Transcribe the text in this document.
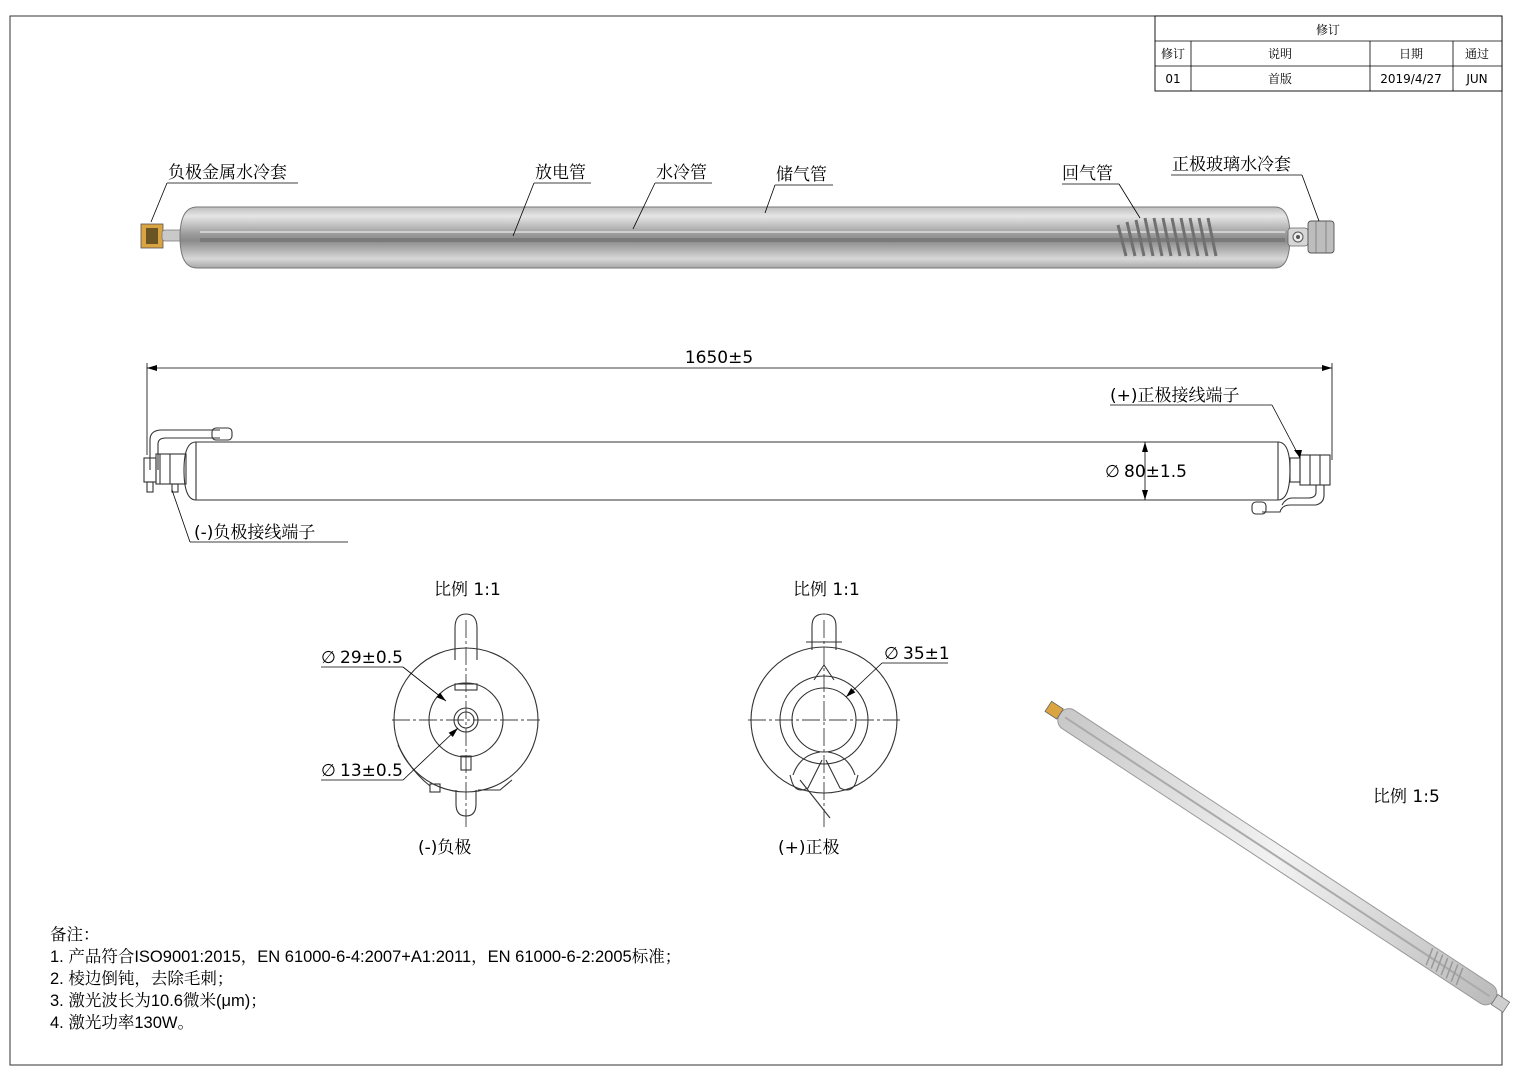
修订
修订	说明	日期	通过
01	首版	2019/4/27 JUN
负极金属水冷套	放电管	水冷管	储气管	回气管	正极玻璃水冷套
1650±5
∅ 80±1.5
(+)正极接线端子
(-)负极接线端子
比例 1:1
∅ 29±0.5
∅ 13±0.5
(-)负极
比例 1:1
∅ 35±1
(+)正极
比例 1:5
备注：
1. 产品符合ISO9001:2015，EN 61000-6-4:2007+A1:2011，EN 61000-6-2:2005标准；
2. 棱边倒钝，去除毛刺；
3. 激光波长为10.6微米(μm)；
4. 激光功率130W。
